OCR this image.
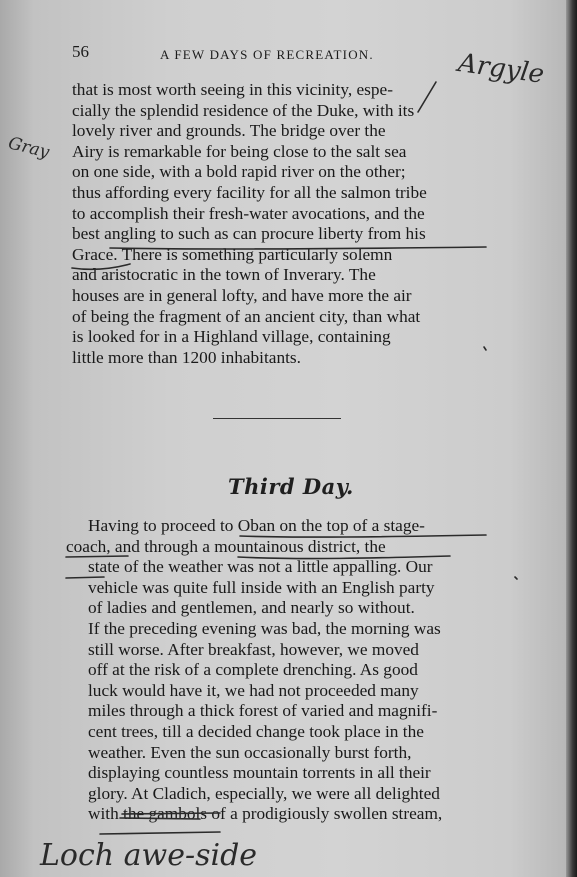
56	A FEW DAYS OF RECREATION.
that is most worth seeing in this vicinity, espe-
cially the splendid residence of the Duke, with its
lovely river and grounds. The bridge over the
Airy is remarkable for being close to the salt sea
on one side, with a bold rapid river on the other;
thus affording every facility for all the salmon tribe
to accomplish their fresh-water avocations, and the
best angling to such as can procure liberty from his
Grace. There is something particularly solemn
and aristocratic in the town of Inverary. The
houses are in general lofty, and have more the air
of being the fragment of an ancient city, than what
is looked for in a Highland village, containing
little more than 1200 inhabitants.
Third Day.
Having to proceed to Oban on the top of a stage-
coach, and through a mountainous district, the
state of the weather was not a little appalling. Our
vehicle was quite full inside with an English party
of ladies and gentlemen, and nearly so without.
If the preceding evening was bad, the morning was
still worse. After breakfast, however, we moved
off at the risk of a complete drenching. As good
luck would have it, we had not proceeded many
miles through a thick forest of varied and magnifi-
cent trees, till a decided change took place in the
weather. Even the sun occasionally burst forth,
displaying countless mountain torrents in all their
glory. At Cladich, especially, we were all delighted
with the gambols of a prodigiously swollen stream,
Argyle
Gray
Loch awe-side
